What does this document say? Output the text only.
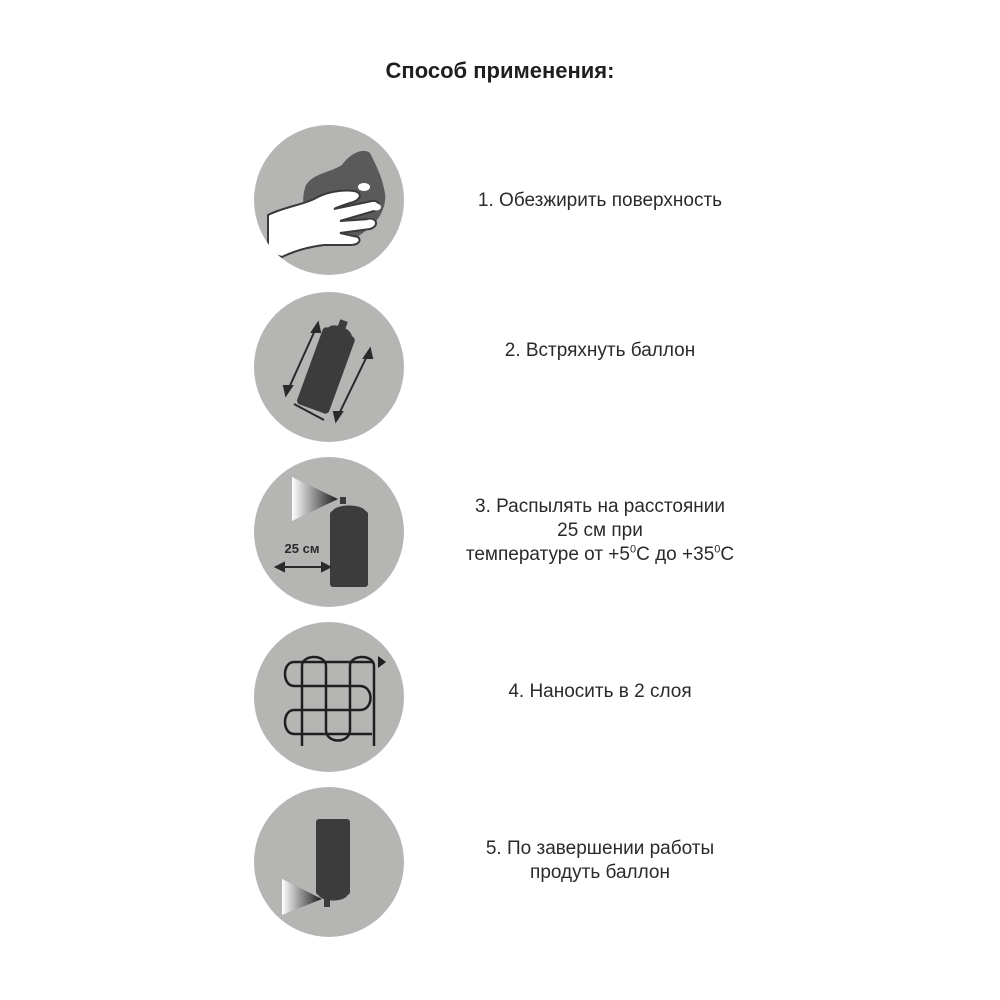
Способ применения:
1. Обезжирить поверхность
2. Встряхнуть баллон
25 см
3. Распылять на расстоянии
25 см при
температуре от $+5^0С$ до $+35^0С$
4. Наносить в 2 слоя
5. По завершении работы
продуть баллон
